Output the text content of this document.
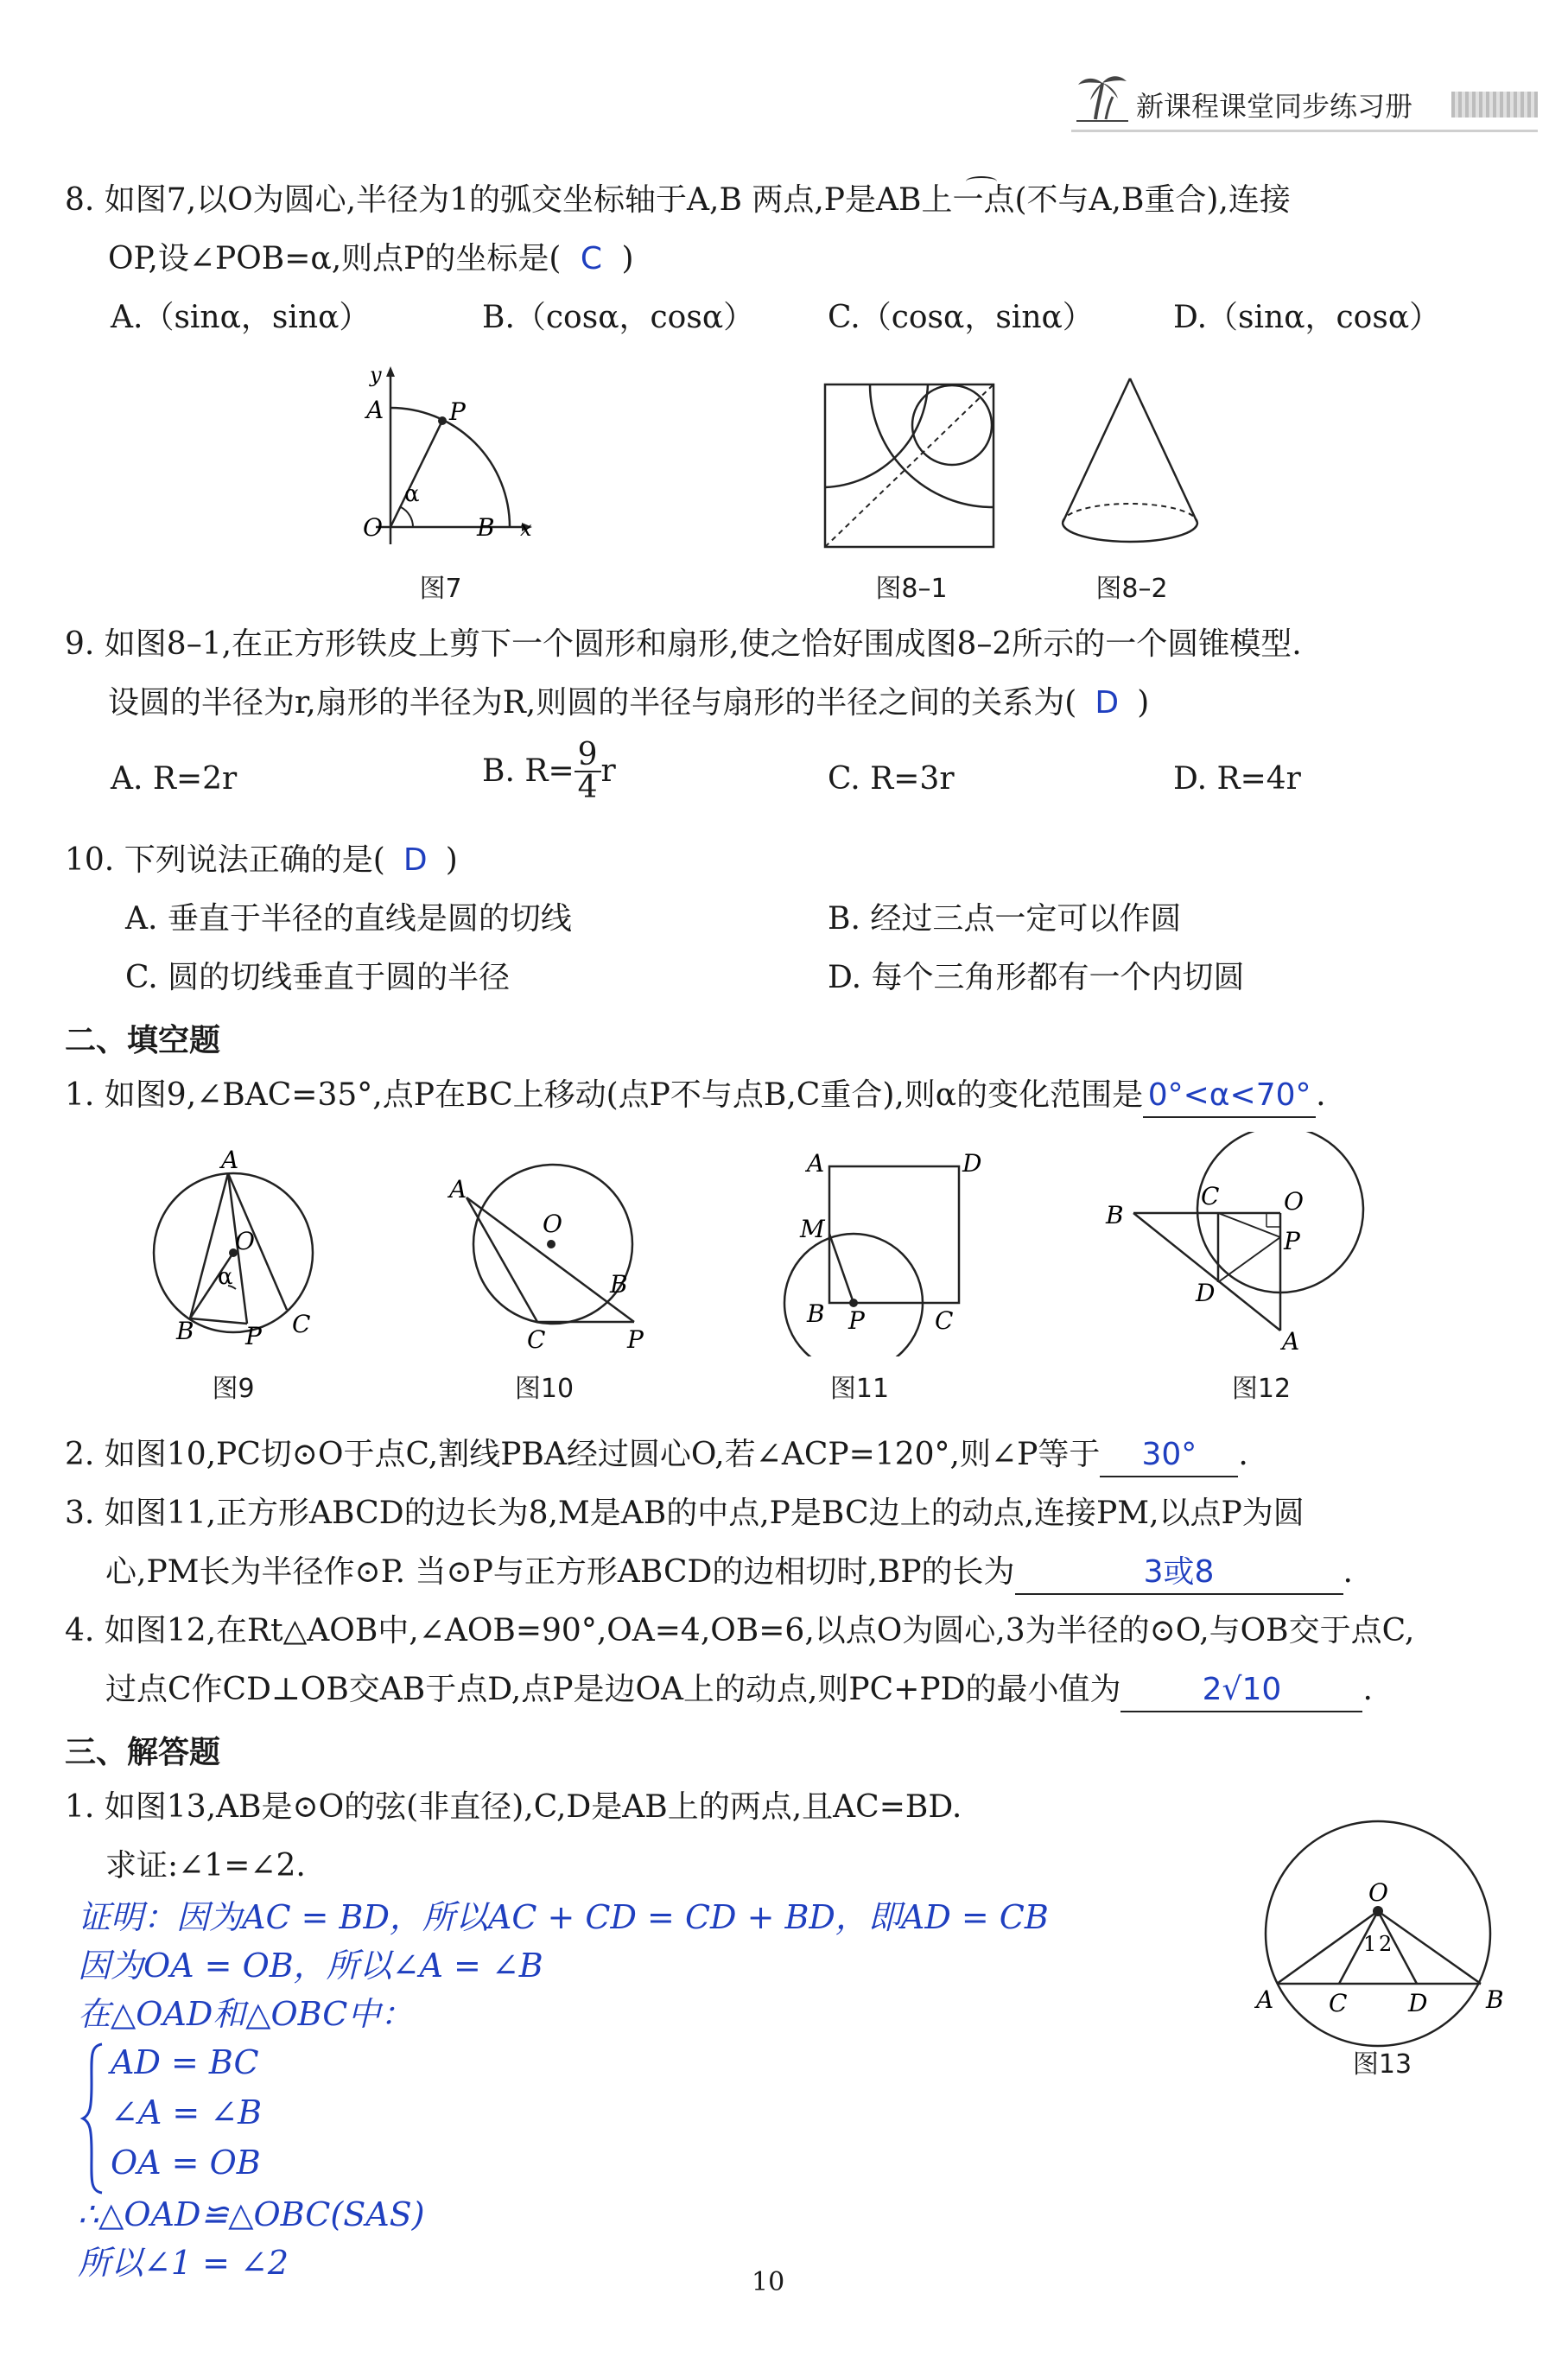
新课程课堂同步练习册
8. 如图7,以O为圆心,半径为1的弧交坐标轴于A,B 两点,P是AB上一点(不与A,B重合),连接
OP,设∠POB=α,则点P的坐标是( C )
A.（sinα，sinα）	B.（cosα，cosα） C.（cosα，sinα）	D.（sinα，cosα）
y
A	P
α
O	B x
图7	图8–1	图8–2
9. 如图8–1,在正方形铁皮上剪下一个圆形和扇形,使之恰好围成图8–2所示的一个圆锥模型.
设圆的半径为r,扇形的半径为R,则圆的半径与扇形的半径之间的关系为( D )
A. R=2r	B. $R= \frac{9}{4}$ r	C. R=3r	D. R=4r
10. 下列说法正确的是( D )
A. 垂直于半径的直线是圆的切线	B. 经过三点一定可以作圆
C. 圆的切线垂直于圆的半径	D. 每个三角形都有一个内切圆
二、填空题
1. 如图9,∠BAC=35°,点P在BC上移动(点P不与点B,C重合),则α的变化范围是 0°<α<70° .
A
O
α
B P C
图9
A
O
B
C	P
图10
A	D
M
B P	C
图11
B
C	O
P
D
A
图12
2. 如图10,PC切⊙O于点C,割线PBA经过圆心O,若∠ACP=120°,则∠P等于 30° .
3. 如图11,正方形ABCD的边长为8,M是AB的中点,P是BC边上的动点,连接PM,以点P为圆
心,PM长为半径作⊙P. 当⊙P与正方形ABCD的边相切时,BP的长为	3或8	.
4. 如图12,在Rt△AOB中,∠AOB=90°,OA=4,OB=6,以点O为圆心,3为半径的⊙O,与OB交于点C,
过点C作CD⊥OB交AB于点D,点P是边OA上的动点,则PC+PD的最小值为	2√10	.
三、解答题
1. 如图13,AB是⊙O的弦(非直径),C,D是AB上的两点,且AC=BD.
求证:∠1=∠2.
证明：因为AC = BD，所以AC + CD = CD + BD，即AD = CB
因为OA = OB，所以∠A = ∠B
在△OAD和△OBC中：
AD = BC
∠A = ∠B
OA = OB
∴△OAD≌△OBC(SAS)
所以∠1 = ∠2
O
1 2
A C	D B
图13
10
